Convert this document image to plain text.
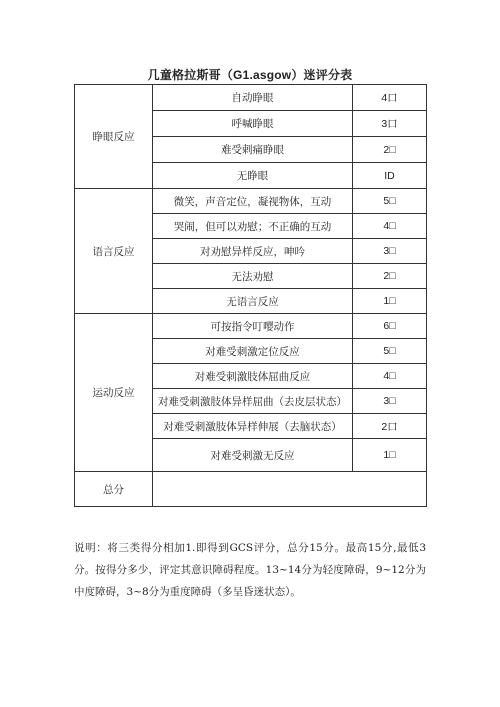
几童格拉斯哥（G1.asgow）迷评分表
睁眼反应	自动睁眼	4口
	呼喊睁眼	3口
	难受剌痛睁眼	2□
	无睁眼	ID
语言反应	微笑，声音定位，凝视物体，互动	5□
	哭闹，但可以劝慰；不正确的互动	4□
	对劝慰异样反应，呻吟	3□
	无法劝慰	2□
	无语言反应	1□
运动反应	可按指令叮嘤动作	6□
	对难受刺激定位反应	5□
	对难受刺激肢体屈曲反应	4□
	对难受刺激肢体异样屈曲（去皮层状态）	3□
	对难受刺激肢体异样伸展（去脑状态）	2口
	对难受刺激无反应	1□
总分		
说明：将三类得分相加1.即得到GCS评分，总分15分。最高15分,最低3分。按得分多少，评定其意识障碍程度。13~14分为轻度障碍，9~12分为中度障碍，3~8分为重度障碍（多呈昏迷状态）。
